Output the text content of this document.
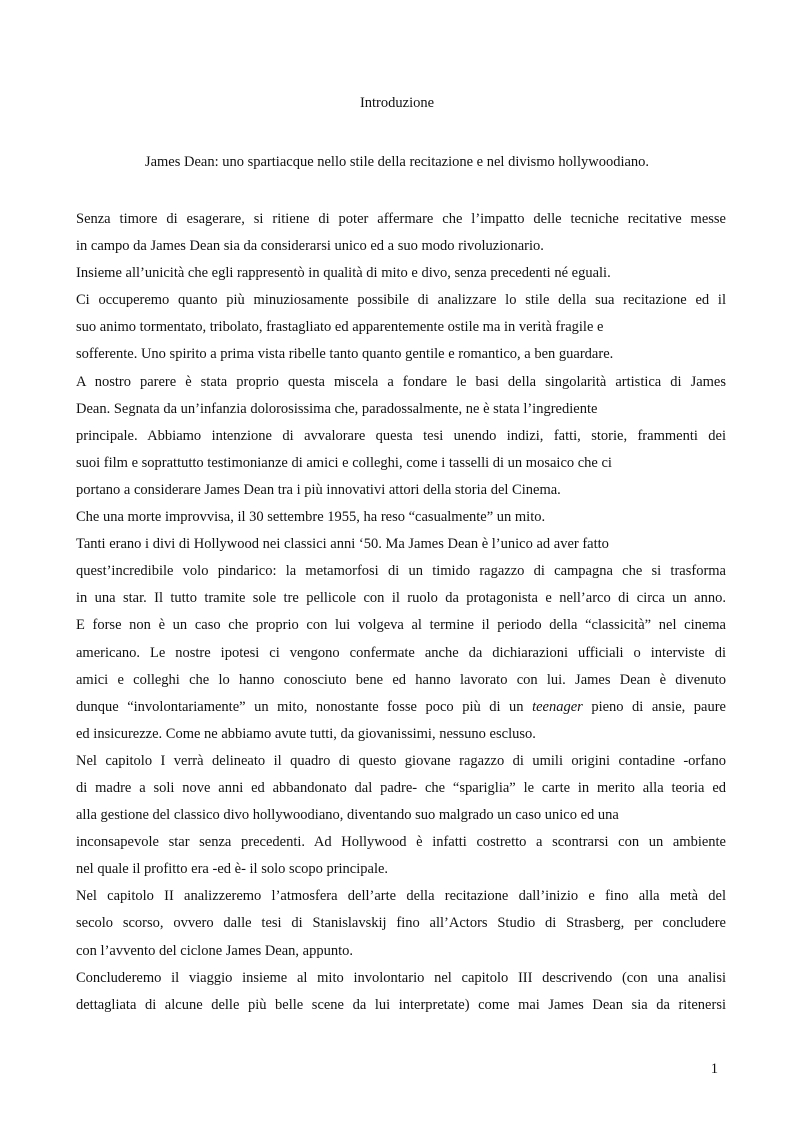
Introduzione
James Dean: uno spartiacque nello stile della recitazione e nel divismo hollywoodiano.
Senza timore di esagerare, si ritiene di poter affermare che l’impatto delle tecniche recitative messe
in campo da James Dean sia da considerarsi unico ed a suo modo rivoluzionario.
Insieme all’unicità che egli rappresentò in qualità di mito e divo, senza precedenti né eguali.
Ci occuperemo quanto più minuziosamente possibile di analizzare lo stile della sua recitazione ed il
suo animo tormentato, tribolato, frastagliato ed apparentemente ostile ma in verità fragile e
sofferente. Uno spirito a prima vista ribelle tanto quanto gentile e romantico, a ben guardare.
A nostro parere è stata proprio questa miscela a fondare le basi della singolarità artistica di James
Dean. Segnata da un’infanzia dolorosissima che, paradossalmente, ne è stata l’ingrediente
principale. Abbiamo intenzione di avvalorare questa tesi unendo indizi, fatti, storie, frammenti dei
suoi film e soprattutto testimonianze di amici e colleghi, come i tasselli di un mosaico che ci
portano a considerare James Dean tra i più innovativi attori della storia del Cinema.
Che una morte improvvisa, il 30 settembre 1955, ha reso “casualmente” un mito.
Tanti erano i divi di Hollywood nei classici anni ‘50. Ma James Dean è l’unico ad aver fatto
quest’incredibile volo pindarico: la metamorfosi di un timido ragazzo di campagna che si trasforma
in una star. Il tutto tramite sole tre pellicole con il ruolo da protagonista e nell’arco di circa un anno.
E forse non è un caso che proprio con lui volgeva al termine il periodo della “classicità” nel cinema
americano. Le nostre ipotesi ci vengono confermate anche da dichiarazioni ufficiali o interviste di
amici e colleghi che lo hanno conosciuto bene ed hanno lavorato con lui. James Dean è divenuto
dunque “involontariamente” un mito, nonostante fosse poco più di un teenager pieno di ansie, paure
ed insicurezze. Come ne abbiamo avute tutti, da giovanissimi, nessuno escluso.
Nel capitolo I verrà delineato il quadro di questo giovane ragazzo di umili origini contadine -orfano
di madre a soli nove anni ed abbandonato dal padre- che “spariglia” le carte in merito alla teoria ed
alla gestione del classico divo hollywoodiano, diventando suo malgrado un caso unico ed una
inconsapevole star senza precedenti. Ad Hollywood è infatti costretto a scontrarsi con un ambiente
nel quale il profitto era -ed è- il solo scopo principale.
Nel capitolo II analizzeremo l’atmosfera dell’arte della recitazione dall’inizio e fino alla metà del
secolo scorso, ovvero dalle tesi di Stanislavskij fino all’Actors Studio di Strasberg, per concludere
con l’avvento del ciclone James Dean, appunto.
Concluderemo il viaggio insieme al mito involontario nel capitolo III descrivendo (con una analisi
dettagliata di alcune delle più belle scene da lui interpretate) come mai James Dean sia da ritenersi
1
